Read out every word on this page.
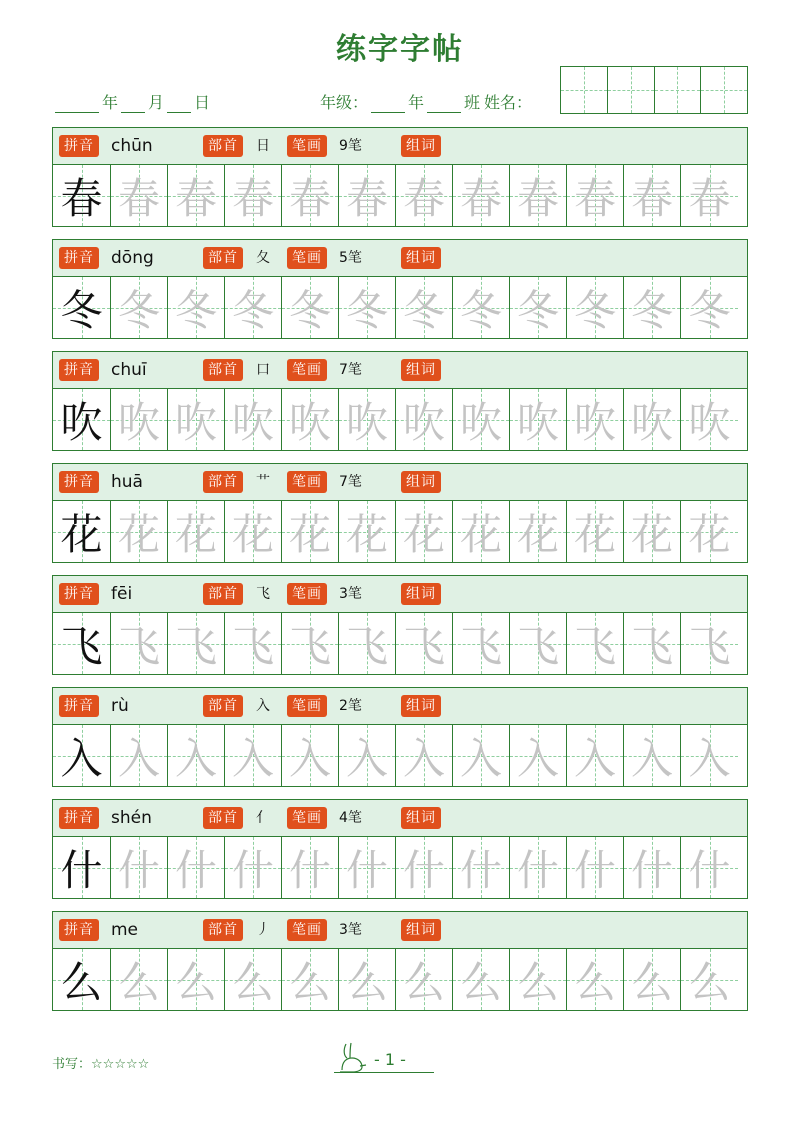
练字字帖
年 月 日	年级：	年	班 姓名：
拼音 chūn	部首	日	笔画	9笔	组词
春 春 春 春 春 春 春 春 春 春 春 春
拼音 dōng	部首	夂	笔画	5笔	组词
冬 冬 冬 冬 冬 冬 冬 冬 冬 冬 冬 冬
拼音 chuī	部首	口	笔画	7笔	组词
吹 吹 吹 吹 吹 吹 吹 吹 吹 吹 吹 吹
拼音 huā	部首	艹	笔画	7笔	组词
花 花 花 花 花 花 花 花 花 花 花 花
拼音 fēi	部首	飞	笔画	3笔	组词
飞 飞 飞 飞 飞 飞 飞 飞 飞 飞 飞 飞
拼音 rù	部首	入	笔画	2笔	组词
入 入 入 入 入 入 入 入 入 入 入 入
拼音 shén	部首	亻	笔画	4笔	组词
什 什 什 什 什 什 什 什 什 什 什 什
拼音 me	部首	丿	笔画	3笔	组词
么 么 么 么 么 么 么 么 么 么 么 么
书写：☆☆☆☆☆	- 1 -
